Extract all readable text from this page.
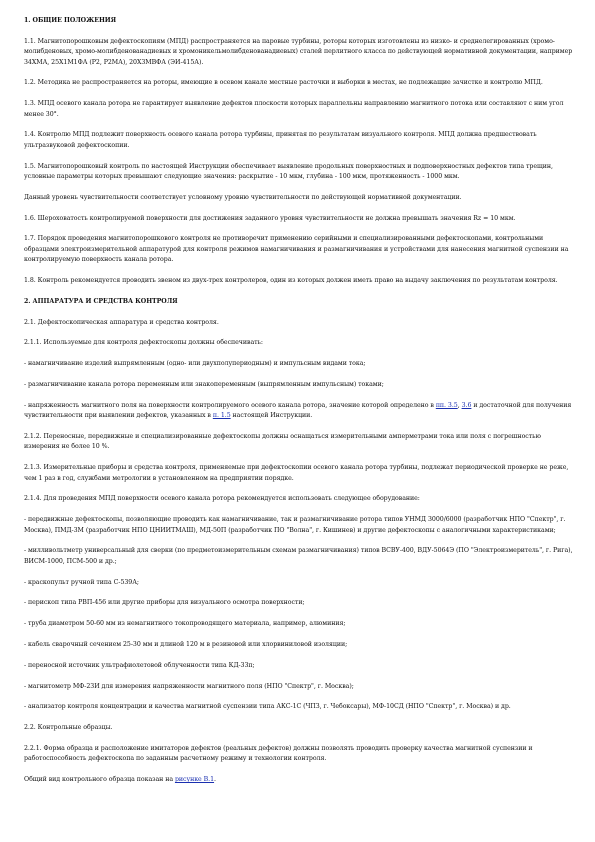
1. ОБЩИЕ ПОЛОЖЕНИЯ

1.1. Магнитопорошковым дефектоскопиям (МПД) распространяется на паровые турбины, роторы которых изготовлены из низко- и среднелегированных (хромо-молибденовых, хромо-молибденованадиевых и хромоникельмолибденованадиевых) сталей перлитного класса по действующей нормативной документации, например 34ХМА, 25Х1М1ФА (Р2, Р2МА), 20Х3МВФА (ЭИ-415А).

1.2. Методика не распространяется на роторы, имеющие в осевом канале местные расточки и выборки в местах, не подлежащие зачистке и контролю МПД.

1.3. МПД осевого канала ротора не гарантирует выявление дефектов плоскости которых параллельны направлению магнитного потока или составляют с ним угол менее 30°.

1.4. Контролю МПД подлежит поверхность осевого канала ротора турбины, принятая по результатам визуального контроля. МПД должна предшествовать ультразвуковой дефектоскопии.

1.5. Магнитопорошковый контроль по настоящей Инструкции обеспечивает выявление продольных поверхностных и подповерхностных дефектов типа трещин, условные параметры которых превышают следующие значения: раскрытие - 10 мкм, глубина - 100 мкм, протяженность - 1000 мкм.

Данный уровень чувствительности соответствует условному уровню чувствительности по действующей нормативной документации.

1.6. Шероховатость контролируемой поверхности для достижения заданного уровня чувствительности не должна превышать значения Rz = 10 мкм.

1.7. Порядок проведения магнитопорошкового контроля не противоречит применению серийными и специализированными дефектоскопами, контрольными образцами электроизмерительной аппаратурой для контроля режимов намагничивания и размагничивания и устройствами для нанесения магнитной суспензии на контролируемую поверхность канала ротора.

1.8. Контроль рекомендуется проводить звеном из двух-трех контролеров, один из которых должен иметь право на выдачу заключения по результатам контроля.

2. АППАРАТУРА И СРЕДСТВА КОНТРОЛЯ

2.1. Дефектоскопическая аппаратура и средства контроля.

2.1.1. Используемые для контроля дефектоскопы должны обеспечивать:

- намагничивание изделий выпрямленным (одно- или двухполупериодным) и импульсным видами тока;

- размагничивание канала ротора переменным или знакопеременным (выпрямленным импульсным) токами;

- напряженность магнитного поля на поверхности контролируемого осевого канала ротора, значение которой определено в пп. 3.5, 3.6 и достаточной для получения чувствительности при выявлении дефектов, указанных в п. 1.5 настоящей Инструкции.

2.1.2. Переносные, передвижные и специализированные дефектоскопы должны оснащаться измерительными амперметрами тока или поля с погрешностью измерения не более 10 %.

2.1.3. Измерительные приборы и средства контроля, применяемые при дефектоскопии осевого канала ротора турбины, подлежат периодической проверке не реже, чем 1 раз в год, службами метрологии в установленном на предприятии порядке.

2.1.4. Для проведения МПД поверхности осевого канала ротора рекомендуется использовать следующее оборудование:

- передвижные дефектоскопы, позволяющие проводить как намагничивание, так и размагничивание ротора типов УНМД 3000/6000 (разработчик НПО "Спектр", г. Москва), ПМД-3М (разработчик НПО ЦНИИТМАШ), МД-50П (разработчик ПО "Волна", г. Кишинев) и другие дефектоскопы с аналогичными характеристиками;

- милливольтметр универсальный для сверки (по предметоизмерительным схемам размагничивания) типов ВСВУ-400, ВДУ-5064Э (ПО "Электроизмеритель", г. Рига), ВИСМ-1000, ПСМ-500 и др.;

- краскопульт ручной типа С-539А;

- перископ типа РВП-456 или другие приборы для визуального осмотра поверхности;

- труба диаметром 50-60 мм из немагнитного токопроводящего материала, например, алюминия;

- кабель сварочный сечением 25-30 мм и длиной 120 м в резиновой или хлорвиниловой изоляции;

- переносной источник ультрафиолетовой облученности типа КД-33п;

- магнитометр МФ-23И для измерения напряженности магнитного поля (НПО "Спектр", г. Москва);

- анализатор контроля концентрации и качества магнитной суспензии типа АКС-1С (ЧПЗ, г. Чебоксары), МФ-10СД (НПО "Спектр", г. Москва) и др.

2.2. Контрольные образцы.

2.2.1. Форма образца и расположение имитаторов дефектов (реальных дефектов) должны позволять проводить проверку качества магнитной суспензии и работоспособность дефектоскопа по заданным расчетному режиму и технологии контроля.

Общий вид контрольного образца показан на рисунке В.1.
